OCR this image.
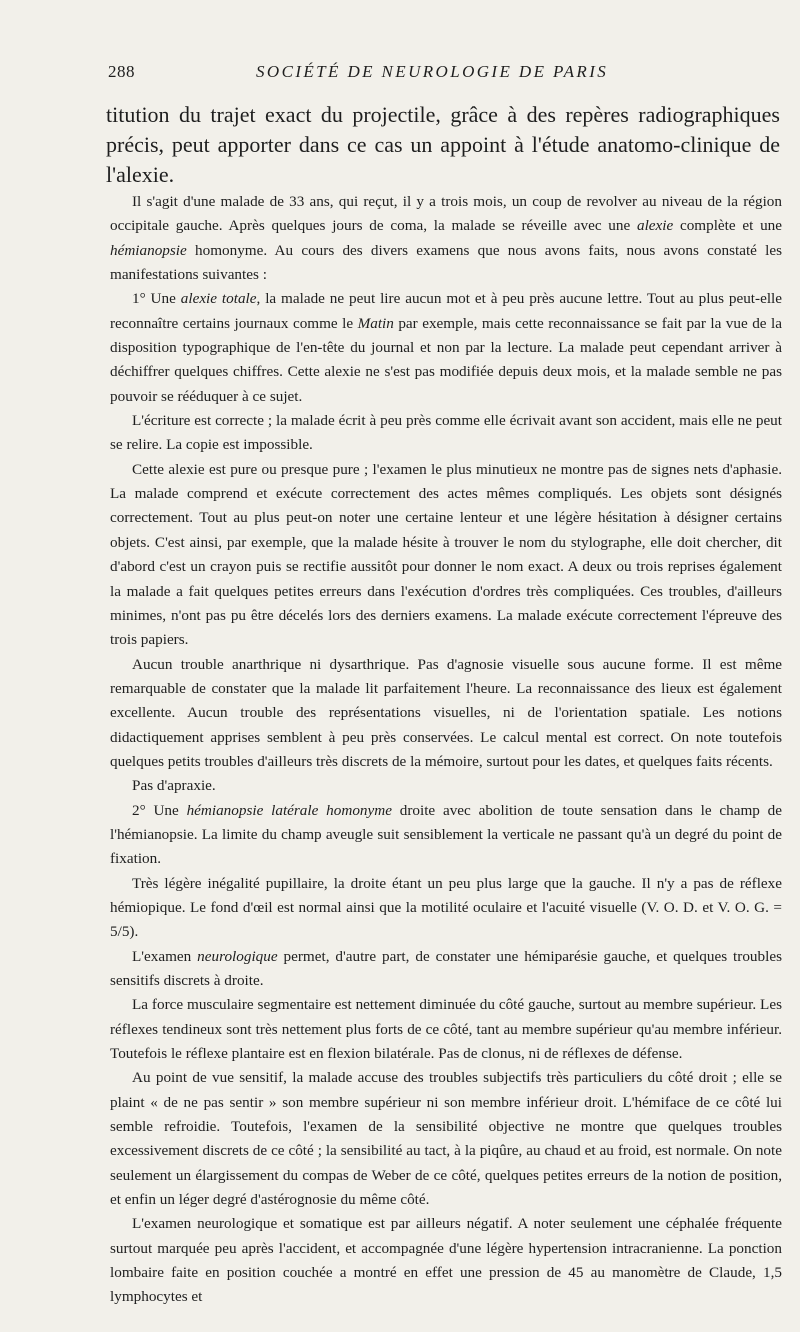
288	SOCIÉTÉ DE NEUROLOGIE DE PARIS
titution du trajet exact du projectile, grâce à des repères radiographiques précis, peut apporter dans ce cas un appoint à l'étude anatomo-clinique de l'alexie.

Il s'agit d'une malade de 33 ans, qui reçut, il y a trois mois, un coup de revolver au niveau de la région occipitale gauche. Après quelques jours de coma, la malade se réveille avec une alexie complète et une hémianopsie homonyme. Au cours des divers examens que nous avons faits, nous avons constaté les manifestations suivantes :

1° Une alexie totale, la malade ne peut lire aucun mot et à peu près aucune lettre. Tout au plus peut-elle reconnaître certains journaux comme le Matin par exemple, mais cette reconnaissance se fait par la vue de la disposition typographique de l'en-tête du journal et non par la lecture. La malade peut cependant arriver à déchiffrer quelques chiffres. Cette alexie ne s'est pas modifiée depuis deux mois, et la malade semble ne pas pouvoir se rééduquer à ce sujet.

L'écriture est correcte ; la malade écrit à peu près comme elle écrivait avant son accident, mais elle ne peut se relire. La copie est impossible.

Cette alexie est pure ou presque pure ; l'examen le plus minutieux ne montre pas de signes nets d'aphasie. La malade comprend et exécute correctement des actes mêmes compliqués. Les objets sont désignés correctement. Tout au plus peut-on noter une certaine lenteur et une légère hésitation à désigner certains objets. C'est ainsi, par exemple, que la malade hésite à trouver le nom du stylographe, elle doit chercher, dit d'abord c'est un crayon puis se rectifie aussitôt pour donner le nom exact. A deux ou trois reprises également la malade a fait quelques petites erreurs dans l'exécution d'ordres très compliquées. Ces troubles, d'ailleurs minimes, n'ont pas pu être décelés lors des derniers examens. La malade exécute correctement l'épreuve des trois papiers.

Aucun trouble anarthrique ni dysarthrique. Pas d'agnosie visuelle sous aucune forme. Il est même remarquable de constater que la malade lit parfaitement l'heure. La reconnaissance des lieux est également excellente. Aucun trouble des représentations visuelles, ni de l'orientation spatiale. Les notions didactiquement apprises semblent à peu près conservées. Le calcul mental est correct. On note toutefois quelques petits troubles d'ailleurs très discrets de la mémoire, surtout pour les dates, et quelques faits récents.

Pas d'apraxie.

2° Une hémianopsie latérale homonyme droite avec abolition de toute sensation dans le champ de l'hémianopsie. La limite du champ aveugle suit sensiblement la verticale ne passant qu'à un degré du point de fixation.

Très légère inégalité pupillaire, la droite étant un peu plus large que la gauche. Il n'y a pas de réflexe hémiopique. Le fond d'œil est normal ainsi que la motilité oculaire et l'acuité visuelle (V. O. D. et V. O. G. = 5/5).

L'examen neurologique permet, d'autre part, de constater une hémiparésie gauche, et quelques troubles sensitifs discrets à droite.

La force musculaire segmentaire est nettement diminuée du côté gauche, surtout au membre supérieur. Les réflexes tendineux sont très nettement plus forts de ce côté, tant au membre supérieur qu'au membre inférieur. Toutefois le réflexe plantaire est en flexion bilatérale. Pas de clonus, ni de réflexes de défense.

Au point de vue sensitif, la malade accuse des troubles subjectifs très particuliers du côté droit ; elle se plaint « de ne pas sentir » son membre supérieur ni son membre inférieur droit. L'hémiface de ce côté lui semble refroidie. Toutefois, l'examen de la sensibilité objective ne montre que quelques troubles excessivement discrets de ce côté ; la sensibilité au tact, à la piqûre, au chaud et au froid, est normale. On note seulement un élargissement du compas de Weber de ce côté, quelques petites erreurs de la notion de position, et enfin un léger degré d'astérognosie du même côté.

L'examen neurologique et somatique est par ailleurs négatif. A noter seulement une céphalée fréquente surtout marquée peu après l'accident, et accompagnée d'une légère hypertension intracranienne. La ponction lombaire faite en position couchée a montré en effet une pression de 45 au manomètre de Claude, 1,5 lymphocytes et
